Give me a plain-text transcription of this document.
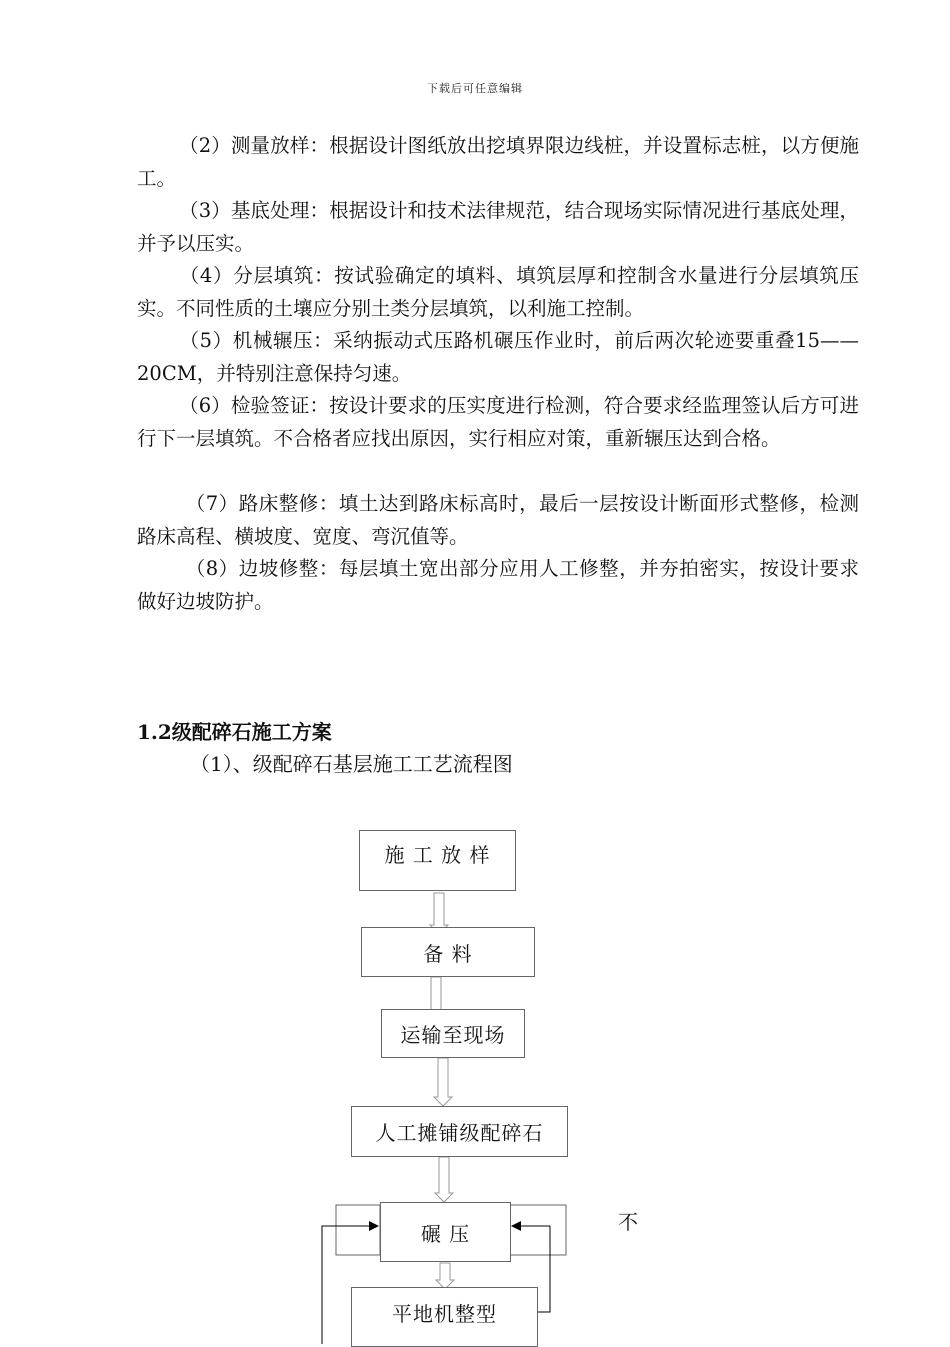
下载后可任意编辑

（2）测量放样：根据设计图纸放出挖填界限边线桩，并设置标志桩，以方便施工。

（3）基底处理：根据设计和技术法律规范，结合现场实际情况进行基底处理，并予以压实。

（4）分层填筑：按试验确定的填料、填筑层厚和控制含水量进行分层填筑压实。不同性质的土壤应分别土类分层填筑，以利施工控制。

（5）机械辗压：采纳振动式压路机碾压作业时，前后两次轮迹要重叠15——20CM，并特别注意保持匀速。

（6）检验签证：按设计要求的压实度进行检测，符合要求经监理签认后方可进行下一层填筑。不合格者应找出原因，实行相应对策，重新辗压达到合格。

（7）路床整修：填土达到路床标高时，最后一层按设计断面形式整修，检测路床高程、横坡度、宽度、弯沉值等。

（8）边坡修整：每层填土宽出部分应用人工修整，并夯拍密实，按设计要求做好边坡防护。

1.2级配碎石施工方案
（1）、级配碎石基层施工工艺流程图
施 工 放 样
备 料
运输至现场
人工摊铺级配碎石
碾 压
平地机整型
不
